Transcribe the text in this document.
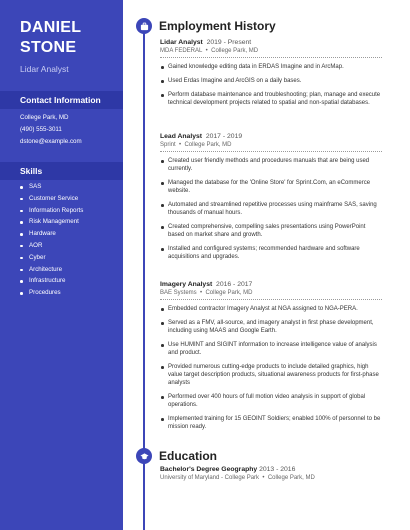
DANIEL
STONE
Lidar Analyst
Contact Information
College Park, MD
(490) 555-3011
dstone@example.com
Skills
SAS
Customer Service
Information Reports
Risk Management
Hardware
AOR
Cyber
Architecture
Infrastructure
Procedures
Employment History
Lidar Analyst 2019 - Present
MDA FEDERAL  •  College Park, MD
Gained knowledge editing data in ERDAS Imagine and in ArcMap.
Used Erdas Imagine and ArcGIS on a daily bases.
Perform database maintenance and troubleshooting; plan, manage and execute technical development projects related to spatial and non-spatial databases.
Lead Analyst 2017 - 2019
Sprint  •  College Park, MD
Created user friendly methods and procedures manuals that are being used currently.
Managed the database for the 'Online Store' for Sprint.Com, an eCommerce website.
Automated and streamlined repetitive processes using mainframe SAS, saving thousands of manual hours.
Created comprehensive, compelling sales presentations using PowerPoint based on market share and growth.
Installed and configured systems; recommended hardware and software acquisitions and upgrades.
Imagery Analyst 2016 - 2017
BAE Systems  •  College Park, MD
Embedded contractor Imagery Analyst at NGA assigned to NGA-PERA.
Served as a FMV, all-source, and imagery analyst in first phase development, including using MAAS and Google Earth.
Use HUMINT and SIGINT information to increase intelligence value of analysis and product.
Provided numerous cutting-edge products to include detailed graphics, high value target description products, situational awareness products for first-phase analysts
Performed over 400 hours of full motion video analysis in support of global operations.
Implemented training for 15 GEOINT Soldiers; enabled 100% of personnel to be mission ready.
Education
Bachelor's Degree Geography 2013 - 2016
University of Maryland - College Park  •  College Park, MD
